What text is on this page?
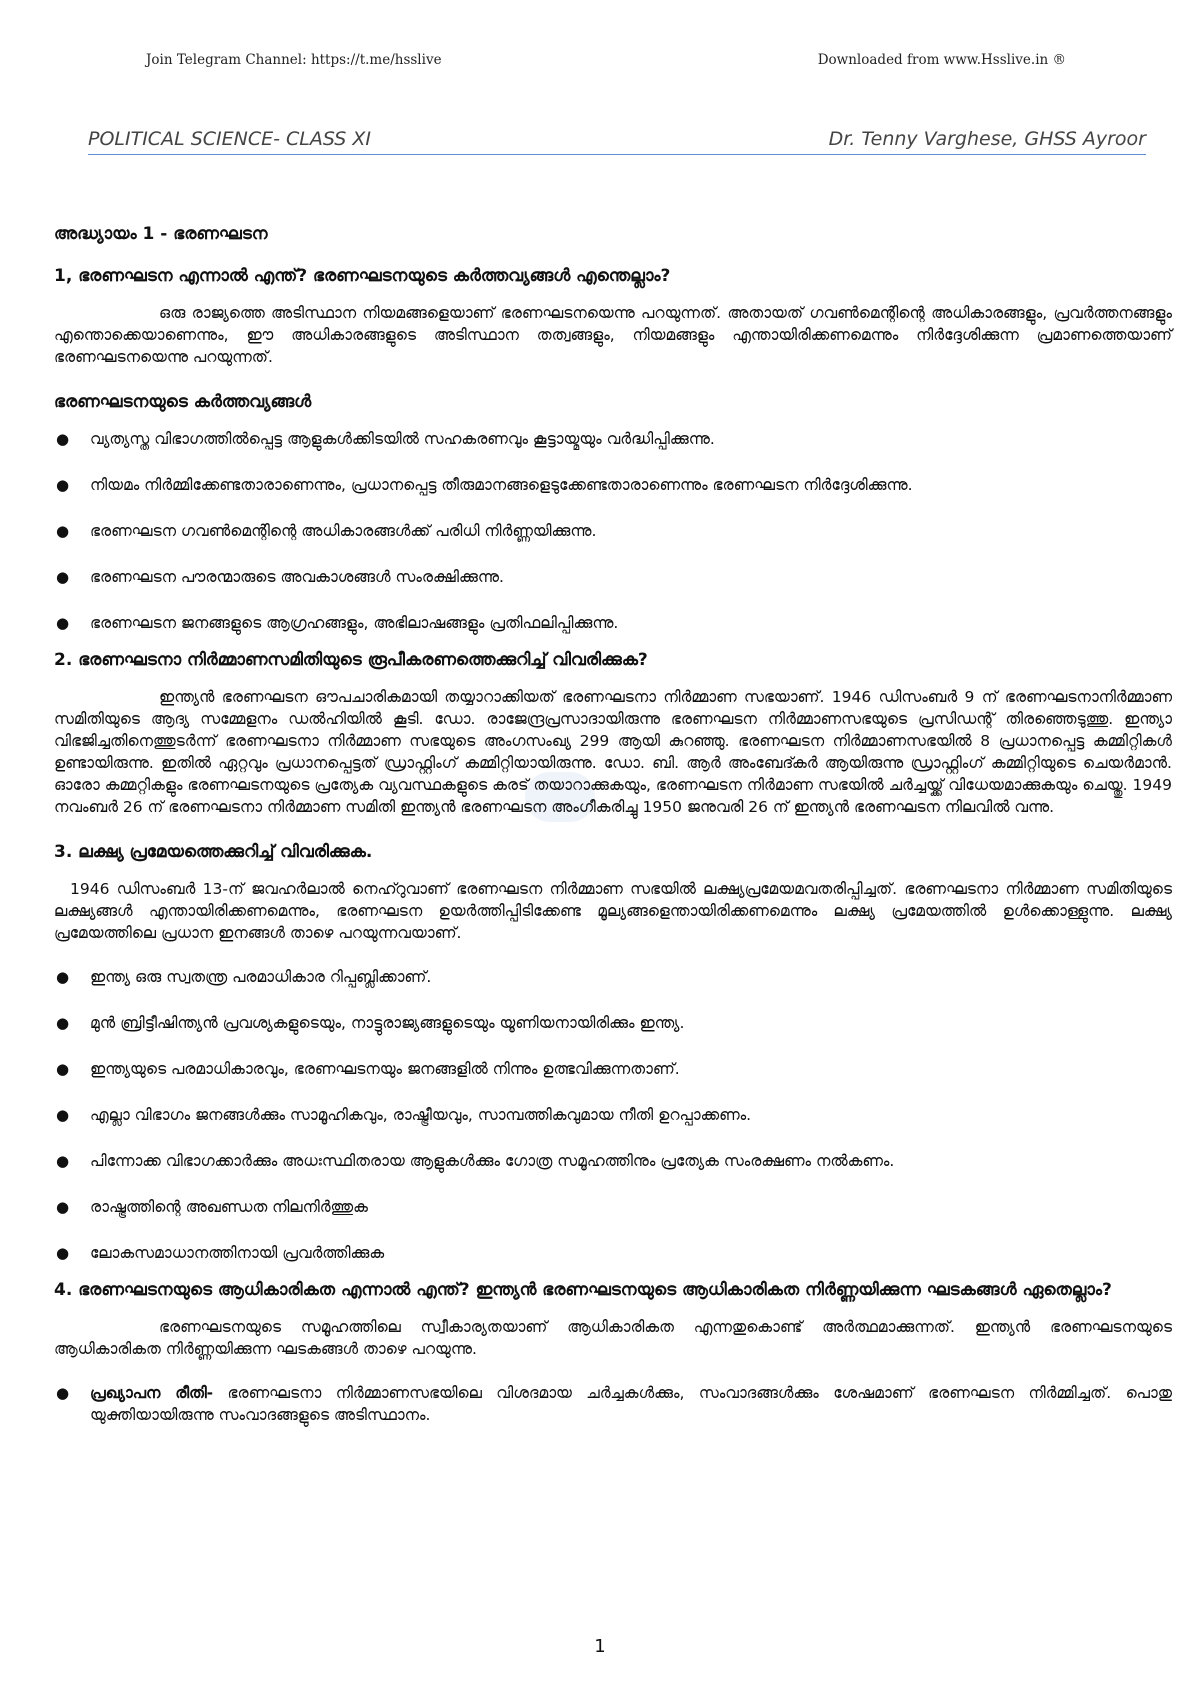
Join Telegram Channel: https://t.me/hsslive	Downloaded from www.Hsslive.in ®
POLITICAL SCIENCE- CLASS XI	Dr. Tenny Varghese, GHSS Ayroor
അദ്ധ്യായം 1 - ഭരണഘടന
1, ഭരണഘടന എന്നാൽ എന്ത്? ഭരണഘടനയുടെ കർത്തവ്യങ്ങൾ എന്തെല്ലാം?

ഒരു രാജ്യത്തെ അടിസ്ഥാന നിയമങ്ങളെയാണ് ഭരണഘടനയെന്നു പറയുന്നത്. അതായത് ഗവൺമെന്റിന്റെ അധികാരങ്ങളും, പ്രവർത്തനങ്ങളും എന്തൊക്കെയാണെന്നും, ഈ അധികാരങ്ങളുടെ അടിസ്ഥാന തത്വങ്ങളും, നിയമങ്ങളും എന്തായിരിക്കണമെന്നും നിർദ്ദേശിക്കുന്ന പ്രമാണത്തെയാണ് ഭരണഘടനയെന്നു പറയുന്നത്.

ഭരണഘടനയുടെ കർത്തവ്യങ്ങൾ
● വ്യത്യസ്ത വിഭാഗത്തിൽപ്പെട്ട ആളുകൾക്കിടയിൽ സഹകരണവും കൂട്ടായ്മയും വർദ്ധിപ്പിക്കുന്നു.
● നിയമം നിർമ്മിക്കേണ്ടതാരാണെന്നും, പ്രധാനപ്പെട്ട തീരുമാനങ്ങളെടുക്കേണ്ടതാരാണെന്നും ഭരണഘടന നിർദ്ദേശിക്കുന്നു.
● ഭരണഘടന ഗവൺമെന്റിന്റെ അധികാരങ്ങൾക്ക് പരിധി നിർണ്ണയിക്കുന്നു.
● ഭരണഘടന പൗരന്മാരുടെ അവകാശങ്ങൾ സംരക്ഷിക്കുന്നു.
● ഭരണഘടന ജനങ്ങളുടെ ആഗ്രഹങ്ങളും, അഭിലാഷങ്ങളും പ്രതിഫലിപ്പിക്കുന്നു.
2. ഭരണഘടനാ നിർമ്മാണസമിതിയുടെ രൂപീകരണത്തെക്കുറിച്ച് വിവരിക്കുക?

ഇന്ത്യൻ ഭരണഘടന ഔപചാരികമായി തയ്യാറാക്കിയത് ഭരണഘടനാ നിർമ്മാണ സഭയാണ്. 1946 ഡിസംബർ 9 ന് ഭരണഘടനാനിർമ്മാണ സമിതിയുടെ ആദ്യ സമ്മേളനം ഡൽഹിയിൽ കൂടി. ഡോ. രാജേന്ദ്രപ്രസാദായിരുന്നു ഭരണഘടന നിർമ്മാണസഭയുടെ പ്രസിഡന്റ് തിരഞ്ഞെടുത്തു. ഇന്ത്യാ വിഭജിച്ചതിനെത്തുടർന്ന് ഭരണഘടനാ നിർമ്മാണ സഭയുടെ അംഗസംഖ്യ 299 ആയി കുറഞ്ഞു. ഭരണഘടന നിർമ്മാണസഭയിൽ 8 പ്രധാനപ്പെട്ട കമ്മിറ്റികൾ ഉണ്ടായിരുന്നു. ഇതിൽ ഏറ്റവും പ്രധാനപ്പെട്ടത് ഡ്രാഫ്റ്റിംഗ് കമ്മിറ്റിയായിരുന്നു. ഡോ. ബി. ആർ അംബേദ്കർ ആയിരുന്നു ഡ്രാഫ്റ്റിംഗ് കമ്മിറ്റിയുടെ ചെയർമാൻ. ഓരോ കമ്മറ്റികളും ഭരണഘടനയുടെ പ്രത്യേക വ്യവസ്ഥകളുടെ കരട് തയാറാക്കുകയും, ഭരണഘടന നിർമാണ സഭയിൽ ചർച്ചയ്ക്ക് വിധേയമാക്കുകയും ചെയ്തു. 1949 നവംബർ 26 ന് ഭരണഘടനാ നിർമ്മാണ സമിതി ഇന്ത്യൻ ഭരണഘടന അംഗീകരിച്ചു 1950 ജനുവരി 26 ന് ഇന്ത്യൻ ഭരണഘടന നിലവിൽ വന്നു.

3. ലക്ഷ്യ പ്രമേയത്തെക്കുറിച്ച് വിവരിക്കുക.

1946 ഡിസംബർ 13-ന് ജവഹർലാൽ നെഹ്റുവാണ് ഭരണഘടന നിർമ്മാണ സഭയിൽ ലക്ഷ്യപ്രമേയമവതരിപ്പിച്ചത്. ഭരണഘടനാ നിർമ്മാണ സമിതിയുടെ ലക്ഷ്യങ്ങൾ എന്തായിരിക്കണമെന്നും, ഭരണഘടന ഉയർത്തിപ്പിടിക്കേണ്ട മൂല്യങ്ങളെന്തായിരിക്കണമെന്നും ലക്ഷ്യ പ്രമേയത്തിൽ ഉൾക്കൊള്ളുന്നു. ലക്ഷ്യ പ്രമേയത്തിലെ പ്രധാന ഇനങ്ങൾ താഴെ പറയുന്നവയാണ്.

● ഇന്ത്യ ഒരു സ്വതന്ത്ര പരമാധികാര റിപ്പബ്ലിക്കാണ്.
● മുൻ ബ്രിട്ടീഷിന്ത്യൻ പ്രവശ്യകളുടെയും, നാട്ടുരാജ്യങ്ങളുടെയും യൂണിയനായിരിക്കും ഇന്ത്യ.
● ഇന്ത്യയുടെ പരമാധികാരവും, ഭരണഘടനയും ജനങ്ങളിൽ നിന്നും ഉത്ഭവിക്കുന്നതാണ്.
● എല്ലാ വിഭാഗം ജനങ്ങൾക്കും സാമൂഹികവും, രാഷ്ട്രീയവും, സാമ്പത്തികവുമായ നീതി ഉറപ്പാക്കണം.
● പിന്നോക്ക വിഭാഗക്കാർക്കും അധഃസ്ഥിതരായ ആളുകൾക്കും ഗോത്ര സമൂഹത്തിനും പ്രത്യേക സംരക്ഷണം നൽകണം.
● രാഷ്ട്രത്തിന്റെ അഖണ്ഡത നിലനിർത്തുക
● ലോകസമാധാനത്തിനായി പ്രവർത്തിക്കുക
4. ഭരണഘടനയുടെ ആധികാരികത എന്നാൽ എന്ത്? ഇന്ത്യൻ ഭരണഘടനയുടെ ആധികാരികത നിർണ്ണയിക്കുന്ന ഘടകങ്ങൾ ഏതെല്ലാം?

ഭരണഘടനയുടെ സമൂഹത്തിലെ സ്വീകാര്യതയാണ് ആധികാരികത എന്നതുകൊണ്ട് അർത്ഥമാക്കുന്നത്. ഇന്ത്യൻ ഭരണഘടനയുടെ ആധികാരികത നിർണ്ണയിക്കുന്ന ഘടകങ്ങൾ താഴെ പറയുന്നു.

● പ്രഖ്യാപന രീതി- ഭരണഘടനാ നിർമ്മാണസഭയിലെ വിശദമായ ചർച്ചകൾക്കും, സംവാദങ്ങൾക്കും ശേഷമാണ് ഭരണഘടന നിർമ്മിച്ചത്. പൊതു യുക്തിയായിരുന്നു സംവാദങ്ങളുടെ അടിസ്ഥാനം.
1
